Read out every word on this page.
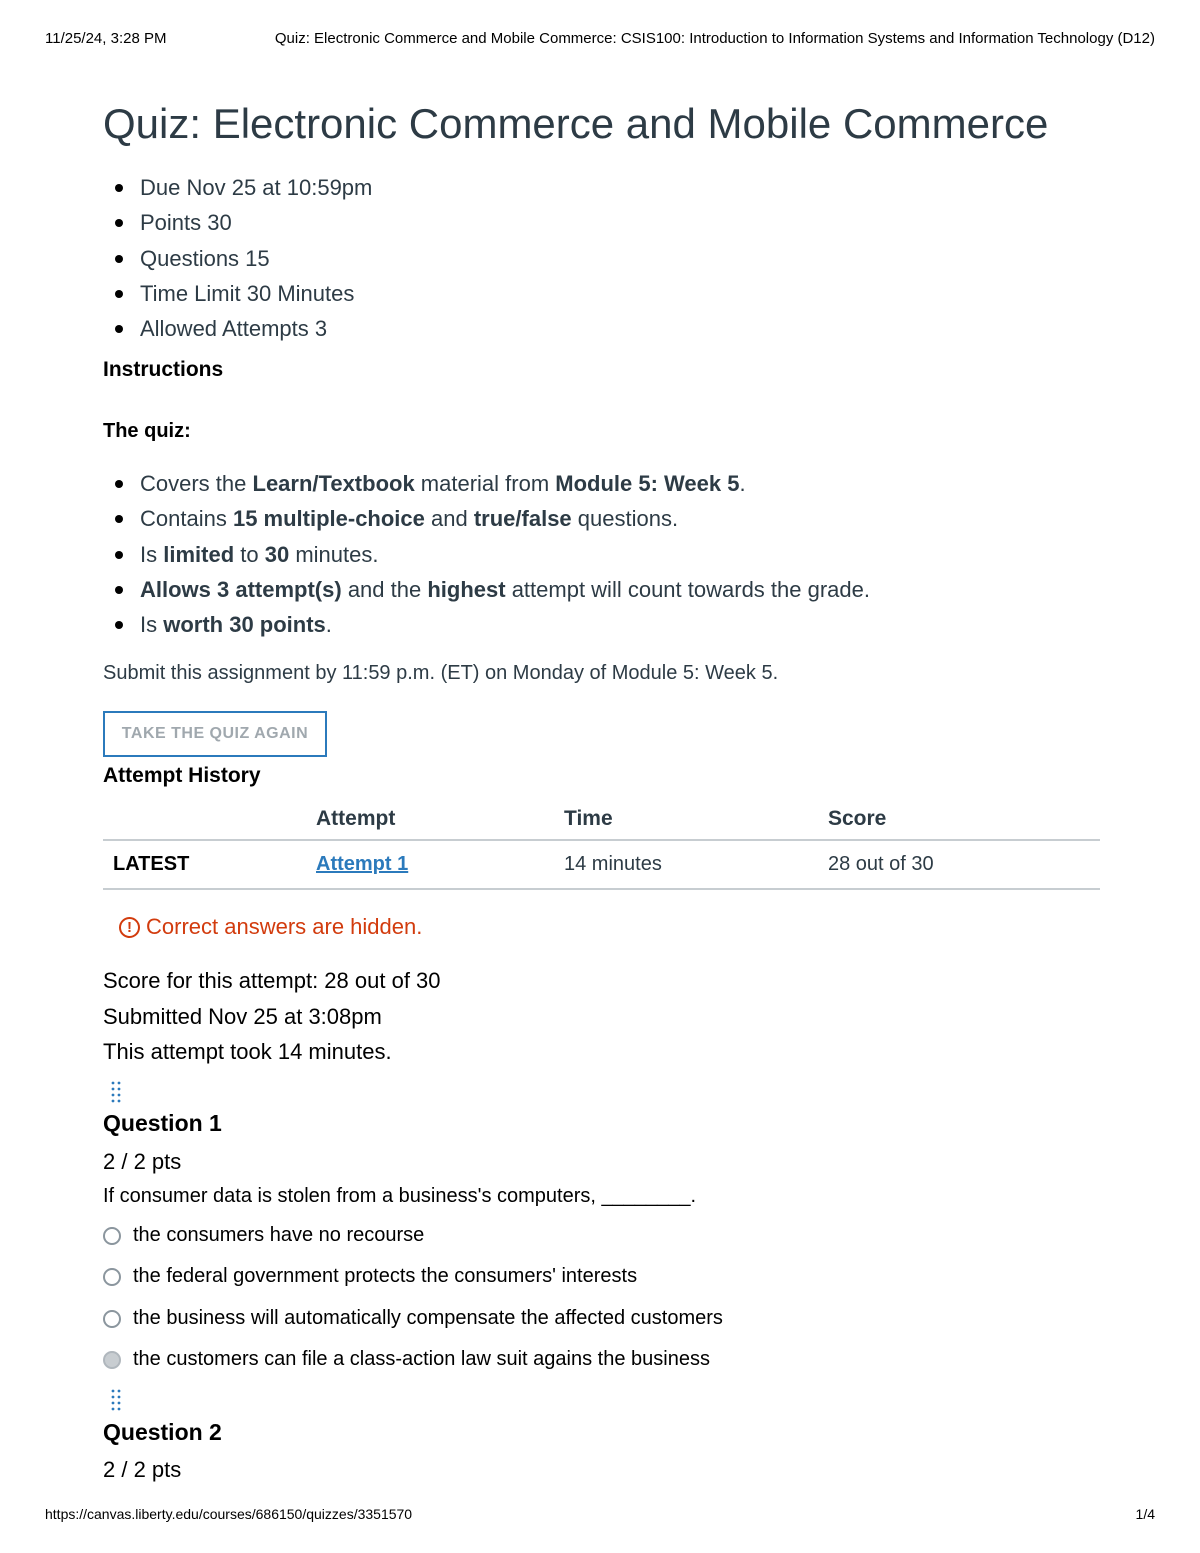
11/25/24, 3:28 PM	Quiz: Electronic Commerce and Mobile Commerce: CSIS100: Introduction to Information Systems and Information Technology (D12)
Quiz: Electronic Commerce and Mobile Commerce
Due Nov 25 at 10:59pm
Points 30
Questions 15
Time Limit 30 Minutes
Allowed Attempts 3
Instructions
The quiz:
Covers the Learn/Textbook material from Module 5: Week 5.
Contains 15 multiple-choice and true/false questions.
Is limited to 30 minutes.
Allows 3 attempt(s) and the highest attempt will count towards the grade.
Is worth 30 points.
Submit this assignment by 11:59 p.m. (ET) on Monday of Module 5: Week 5.
TAKE THE QUIZ AGAIN
Attempt History
	Attempt	Time	Score
LATEST	Attempt 1	14 minutes	28 out of 30
! Correct answers are hidden.
Score for this attempt: 28 out of 30
Submitted Nov 25 at 3:08pm
This attempt took 14 minutes.
Question 1
2 / 2 pts
If consumer data is stolen from a business's computers, ________.
the consumers have no recourse
the federal government protects the consumers' interests
the business will automatically compensate the affected customers
the customers can file a class-action law suit agains the business
Question 2
2 / 2 pts
https://canvas.liberty.edu/courses/686150/quizzes/3351570	1/4
